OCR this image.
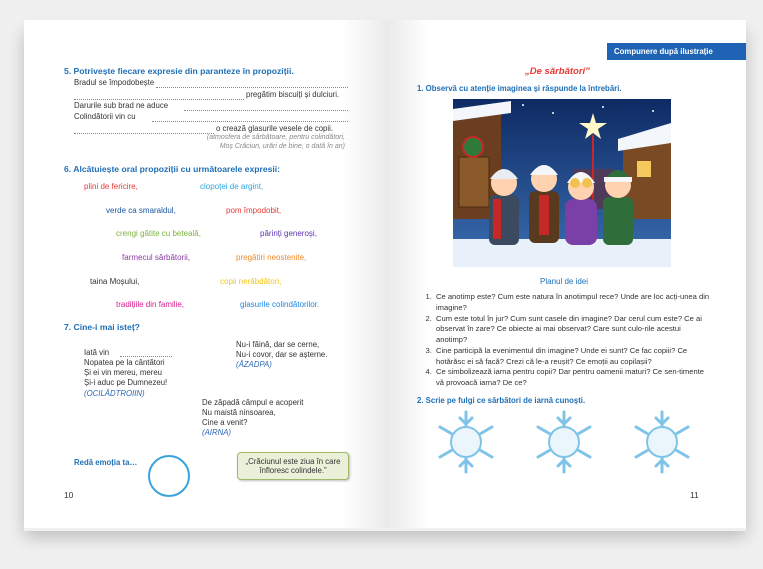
5. Potrivește fiecare expresie din paranteze în propoziții.
Bradul se împodobește
pregătim biscuiți și dulciuri.
Darurile sub brad ne aduce
Colindătorii vin cu
o crează glasurile vesele de copii.
(atmosfera de sărbătoare, pentru colindători,
Moș Crăciun, urări de bine, o dată în an)
6. Alcătuiește oral propoziții cu următoarele expresii:
plini de fericire,	clopoței de argint,
verde ca smaraldul,	pom împodobit,
crengi gătite cu beteală,	părinți generoși,
farmecul sărbătorii,	pregătiri neostenite,
taina Moșului,	copii nerăbdători,
tradițiile din familie,	glasurile colindătorilor.
7. Cine-i mai isteț?
Iată vin
Nopatea pe la cântători
Și ei vin mereu, mereu
Și-i aduc pe Dumnezeu!
(OCILĂDTROIIN)
Nu-i făină, dar se cerne,
Nu-i covor, dar se așterne.
(ĂZADPA)
De zăpadă câmpul e acoperit
Nu maistă ninsoarea,
Cine a venit?
(AIRNA)
Redă emoția ta…	„Crăciunul este ziua în care înfloresc colindele.”
10
Compunere după ilustrație
„De sărbători”
1. Observă cu atenție imaginea și răspunde la întrebări.
Planul de idei
1. Ce anotimp este? Cum este natura în anotimpul rece? Unde are loc acți-unea din imagine?
2. Cum este totul în jur? Cum sunt casele din imagine? Dar cerul cum este? Ce ai observat în zare? Ce obiecte ai mai observat? Care sunt culo-rile acestui anotimp?
3. Cine participă la evenimentul din imagine? Unde ei sunt? Ce fac copiii? Ce hotărăsc ei să facă? Crezi că le-a reușit? Ce emoții au copilașii?
4. Ce simbolizează iarna pentru copii? Dar pentru oamenii maturi? Ce sen-timente vă provoacă iarna? De ce?
2. Scrie pe fulgi ce sărbători de iarnă cunoști.
11
